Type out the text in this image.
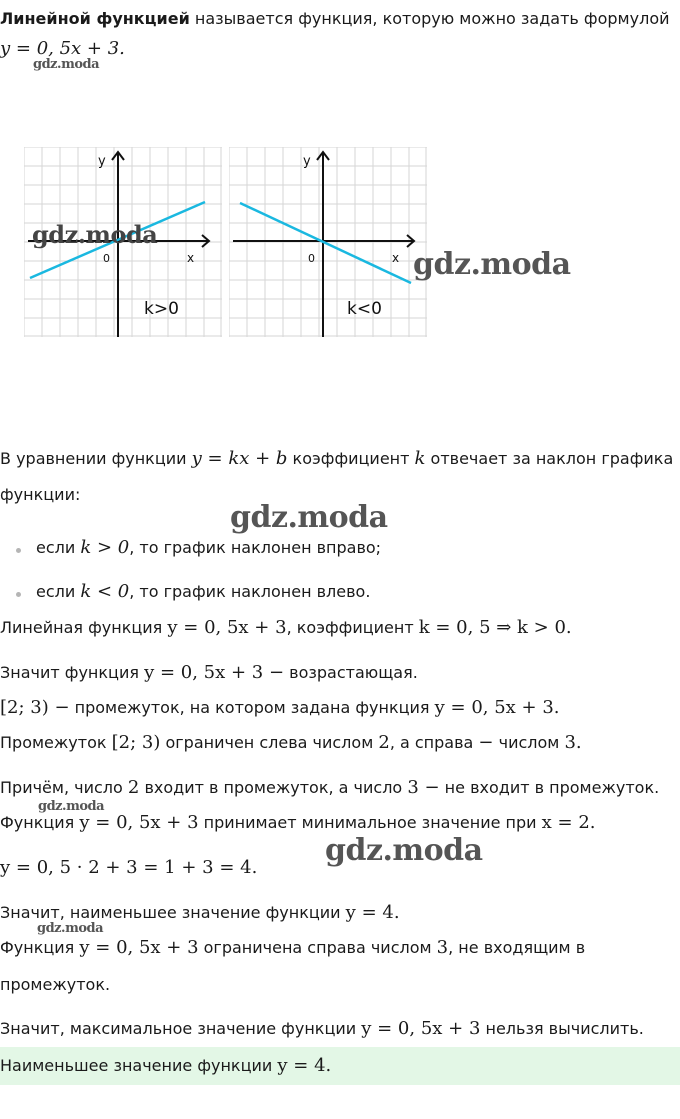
Линейной функцией называется функция, которую можно задать формулой
y = 0, 5x + 3.
gdz.moda
y
x
0
k>0
gdz.moda
y
x
0
k<0
gdz.moda
В уравнении функции y = kx + b коэффициент k отвечает за наклон графика
функции:
gdz.moda
если k > 0, то график наклонен вправо;
если k < 0, то график наклонен влево.
Линейная функция y = 0, 5x + 3, коэффициент k = 0, 5 ⇒ k > 0.
Значит функция y = 0, 5x + 3 − возрастающая.
[2; 3) − промежуток, на котором задана функция y = 0, 5x + 3.
Промежуток [2; 3) ограничен слева числом 2, а справа − числом 3.
Причём, число 2 входит в промежуток, а число 3 − не входит в промежуток.
gdz.moda
Функция y = 0, 5x + 3 принимает минимальное значение при x = 2.
gdz.moda
y = 0, 5 · 2 + 3 = 1 + 3 = 4.
Значит, наименьшее значение функции y = 4.
gdz.moda
Функция y = 0, 5x + 3 ограничена справа числом 3, не входящим в
промежуток.
Значит, максимальное значение функции y = 0, 5x + 3 нельзя вычислить.
Наименьшее значение функции y = 4.
